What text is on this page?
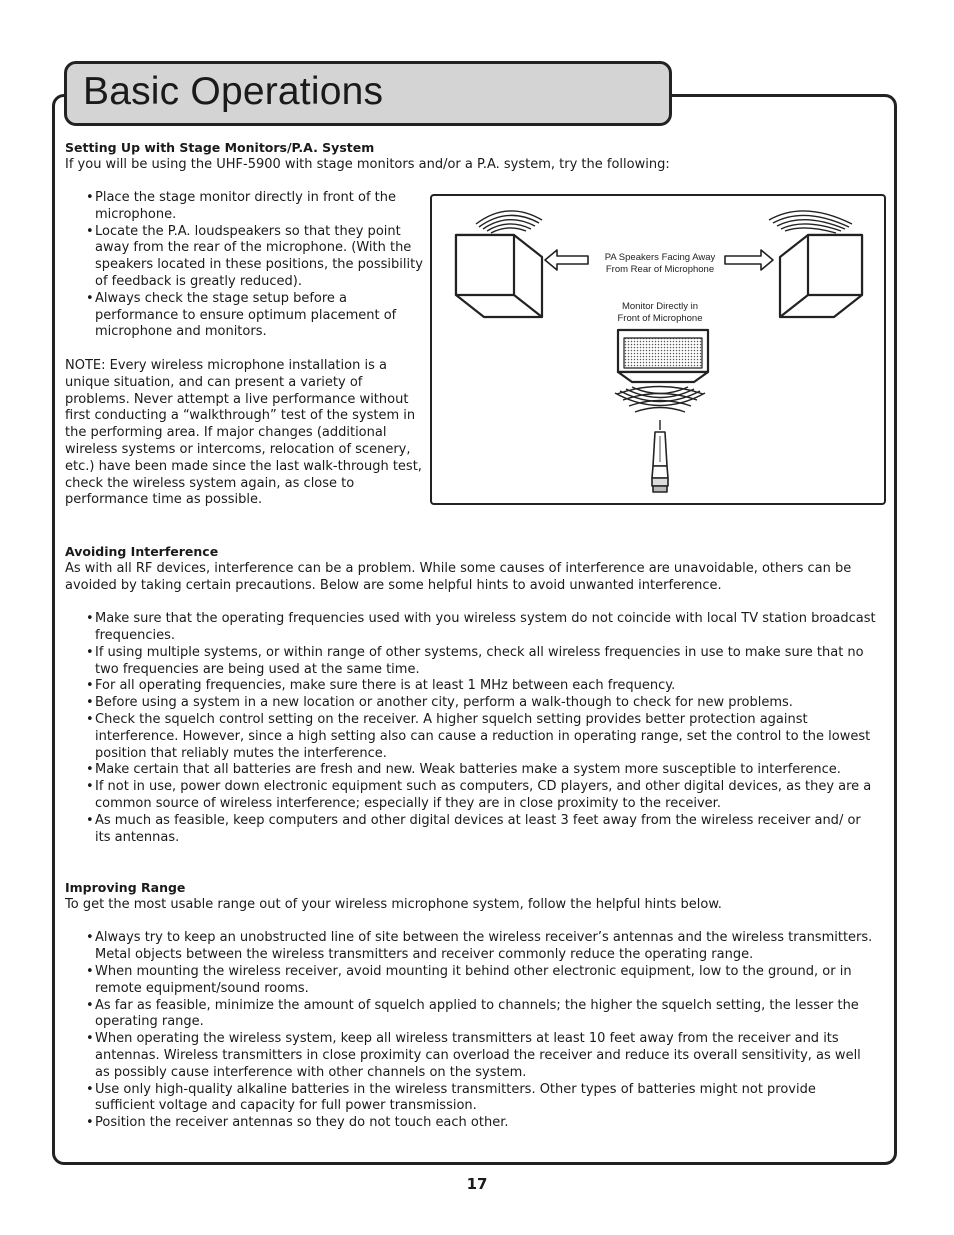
Basic Operations

Setting Up with Stage Monitors/P.A. System

If you will be using the UHF-5900 with stage monitors and/or a P.A. system, try the following:

• Place the stage monitor directly in front of the microphone.
• Locate the P.A. loudspeakers so that they point away from the rear of the microphone. (With the speakers located in these positions, the possibility of feedback is greatly reduced).
• Always check the stage setup before a performance to ensure optimum placement of microphone and monitors.

NOTE: Every wireless microphone installation is a unique situation, and can present a variety of problems. Never attempt a live performance without first conducting a “walkthrough” test of the system in the performing area. If major changes (additional wireless systems or intercoms, relocation of scenery, etc.) have been made since the last walk-through test, check the wireless system again, as close to performance time as possible.

PA Speakers Facing Away
From Rear of Microphone
Monitor Directly in
Front of Microphone

Avoiding Interference

As with all RF devices, interference can be a problem. While some causes of interference are unavoidable, others can be avoided by taking certain precautions. Below are some helpful hints to avoid unwanted interference.

• Make sure that the operating frequencies used with you wireless system do not coincide with local TV station broadcast frequencies.
• If using multiple systems, or within range of other systems, check all wireless frequencies in use to make sure that no two frequencies are being used at the same time.
• For all operating frequencies, make sure there is at least 1 MHz between each frequency.
• Before using a system in a new location or another city, perform a walk-though to check for new problems.
• Check the squelch control setting on the receiver. A higher squelch setting provides better protection against interference. However, since a high setting also can cause a reduction in operating range, set the control to the lowest position that reliably mutes the interference.
• Make certain that all batteries are fresh and new. Weak batteries make a system more susceptible to interference.
• If not in use, power down electronic equipment such as computers, CD players, and other digital devices, as they are a common source of wireless interference; especially if they are in close proximity to the receiver.
• As much as feasible, keep computers and other digital devices at least 3 feet away from the wireless receiver and/ or its antennas.

Improving Range

To get the most usable range out of your wireless microphone system, follow the helpful hints below.

• Always try to keep an unobstructed line of site between the wireless receiver’s antennas and the wireless transmitters. Metal objects between the wireless transmitters and receiver commonly reduce the operating range.
• When mounting the wireless receiver, avoid mounting it behind other electronic equipment, low to the ground, or in remote equipment/sound rooms.
• As far as feasible, minimize the amount of squelch applied to channels; the higher the squelch setting, the lesser the operating range.
• When operating the wireless system, keep all wireless transmitters at least 10 feet away from the receiver and its antennas. Wireless transmitters in close proximity can overload the receiver and reduce its overall sensitivity, as well as possibly cause interference with other channels on the system.
• Use only high-quality alkaline batteries in the wireless transmitters. Other types of batteries might not provide sufficient voltage and capacity for full power transmission.
• Position the receiver antennas so they do not touch each other.
17
